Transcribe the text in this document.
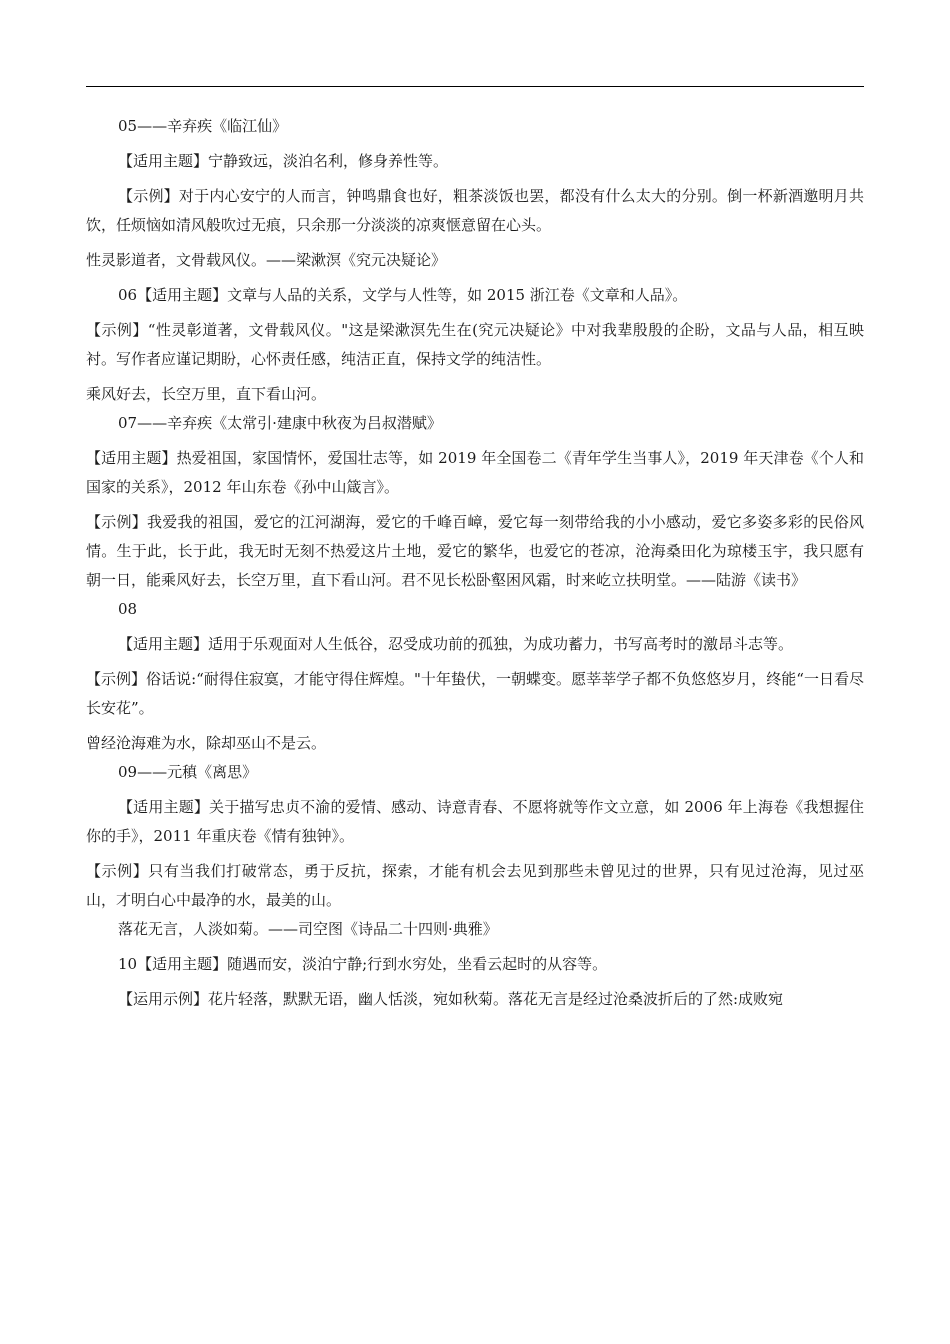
05——辛弃疾《临江仙》

【适用主题】宁静致远，淡泊名利，修身养性等。

【示例】对于内心安宁的人而言，钟鸣鼎食也好，粗茶淡饭也罢，都没有什么太大的分别。倒一杯新酒邀明月共饮，任烦恼如清风般吹过无痕，只余那一分淡淡的凉爽惬意留在心头。

性灵影道者，文骨载风仪。——梁漱溟《究元决疑论》

06【适用主题】文章与人品的关系，文学与人性等，如 2015 浙江卷《文章和人品》。

【示例】“性灵彰道著，文骨载风仪。"这是梁漱溟先生在(究元决疑论》中对我辈殷殷的企盼，文品与人品，相互映衬。写作者应谨记期盼，心怀责任感，纯洁正直，保持文学的纯洁性。

乘风好去，长空万里，直下看山河。

07——辛弃疾《太常引·建康中秋夜为吕叔潜赋》

【适用主题】热爱祖国，家国情怀，爱国壮志等，如 2019 年全国卷二《青年学生当事人》，2019 年天津卷《个人和国家的关系》，2012 年山东卷《孙中山箴言》。

【示例】我爱我的祖国，爱它的江河湖海，爱它的千峰百嶂，爱它每一刻带给我的小小感动，爱它多姿多彩的民俗风情。生于此，长于此，我无时无刻不热爱这片土地，爱它的繁华，也爱它的苍凉，沧海桑田化为琼楼玉宇，我只愿有朝一日，能乘风好去，长空万里，直下看山河。君不见长松卧壑困风霜，时来屹立扶明堂。——陆游《读书》

08

【适用主题】适用于乐观面对人生低谷，忍受成功前的孤独，为成功蓄力，书写高考时的激昂斗志等。

【示例】俗话说:“耐得住寂寞，才能守得住辉煌。"十年蛰伏，一朝蝶变。愿莘莘学子都不负悠悠岁月，终能“一日看尽长安花”。

曾经沧海难为水，除却巫山不是云。

09——元稹《离思》

【适用主题】关于描写忠贞不渝的爱情、感动、诗意青春、不愿将就等作文立意，如 2006 年上海卷《我想握住你的手》，2011 年重庆卷《情有独钟》。

【示例】只有当我们打破常态，勇于反抗，探索，才能有机会去见到那些未曾见过的世界，只有见过沧海，见过巫山，才明白心中最净的水，最美的山。

落花无言，人淡如菊。——司空图《诗品二十四则·典雅》

10【适用主题】随遇而安，淡泊宁静;行到水穷处，坐看云起时的从容等。

【运用示例】花片轻落，默默无语，幽人恬淡，宛如秋菊。落花无言是经过沧桑波折后的了然:成败宛
